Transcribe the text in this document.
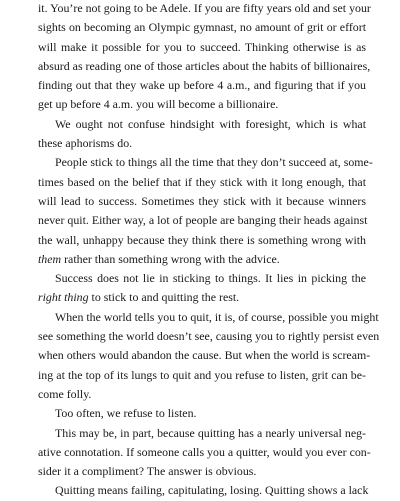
it. You’re not going to be Adele. If you are fifty years old and set your
sights on becoming an Olympic gymnast, no amount of grit or effort
will make it possible for you to succeed. Thinking otherwise is as
absurd as reading one of those articles about the habits of billionaires,
finding out that they wake up before 4 a.m., and figuring that if you
get up before 4 a.m. you will become a billionaire.
We ought not confuse hindsight with foresight, which is what
these aphorisms do.
People stick to things all the time that they don’t succeed at, some-
times based on the belief that if they stick with it long enough, that
will lead to success. Sometimes they stick with it because winners
never quit. Either way, a lot of people are banging their heads against
the wall, unhappy because they think there is something wrong with
them rather than something wrong with the advice.
Success does not lie in sticking to things. It lies in picking the
right thing to stick to and quitting the rest.
When the world tells you to quit, it is, of course, possible you might
see something the world doesn’t see, causing you to rightly persist even
when others would abandon the cause. But when the world is scream-
ing at the top of its lungs to quit and you refuse to listen, grit can be-
come folly.
Too often, we refuse to listen.
This may be, in part, because quitting has a nearly universal neg-
ative connotation. If someone calls you a quitter, would you ever con-
sider it a compliment? The answer is obvious.
Quitting means failing, capitulating, losing. Quitting shows a lack
